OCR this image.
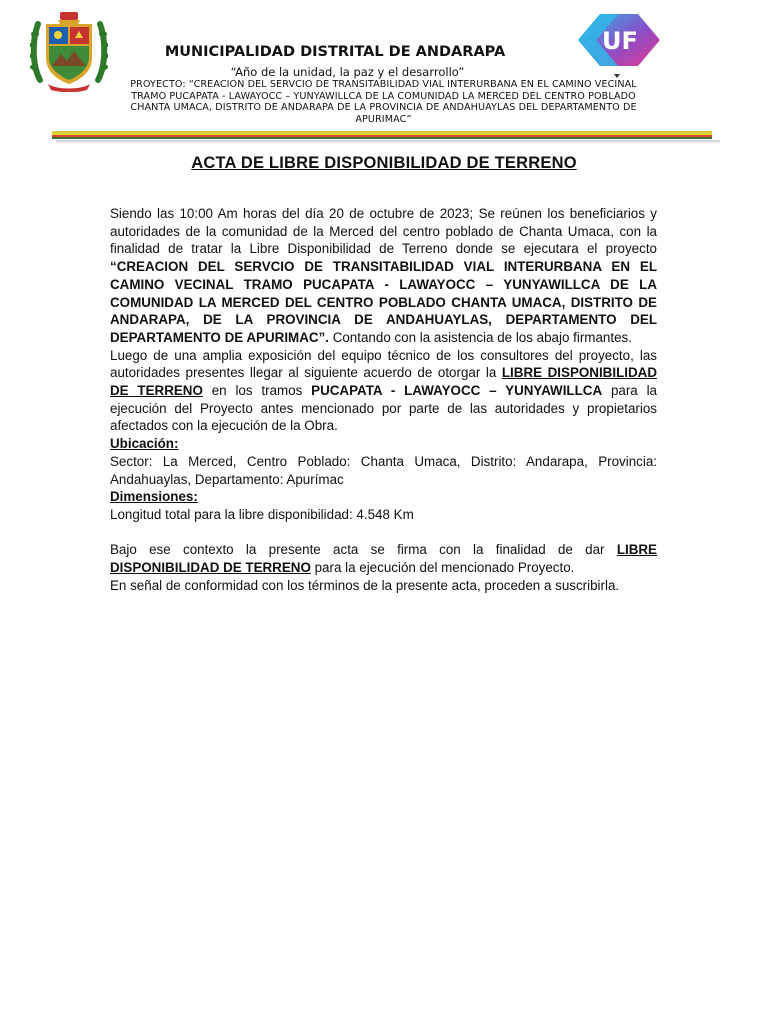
MUNICIPALIDAD DISTRITAL DE ANDARAPA
“Año de la unidad, la paz y el desarrollo”
PROYECTO: “CREACION DEL SERVCIO DE TRANSITABILIDAD VIAL INTERURBANA EN EL CAMINO VECINAL TRAMO PUCAPATA - LAWAYOCC – YUNYAWILLCA DE LA COMUNIDAD LA MERCED DEL CENTRO POBLADO CHANTA UMACA, DISTRITO DE ANDARAPA DE LA PROVINCIA DE ANDAHUAYLAS DEL DEPARTAMENTO DE APURIMAC”
UF
ACTA DE LIBRE DISPONIBILIDAD DE TERRENO

Siendo las 10:00 Am horas del día 20 de octubre de 2023; Se reúnen los beneficiarios y autoridades de la comunidad de la Merced del centro poblado de Chanta Umaca, con la finalidad de tratar la Libre Disponibilidad de Terreno donde se ejecutara el proyecto “CREACION DEL SERVCIO DE TRANSITABILIDAD VIAL INTERURBANA EN EL CAMINO VECINAL TRAMO PUCAPATA - LAWAYOCC – YUNYAWILLCA DE LA COMUNIDAD LA MERCED DEL CENTRO POBLADO CHANTA UMACA, DISTRITO DE ANDARAPA, DE LA PROVINCIA DE ANDAHUAYLAS, DEPARTAMENTO DEL DEPARTAMENTO DE APURIMAC”. Contando con la asistencia de los abajo firmantes.

Luego de una amplia exposición del equipo técnico de los consultores del proyecto, las autoridades presentes llegar al siguiente acuerdo de otorgar la LIBRE DISPONIBILIDAD DE TERRENO en los tramos PUCAPATA - LAWAYOCC – YUNYAWILLCA para la ejecución del Proyecto antes mencionado por parte de las autoridades y propietarios afectados con la ejecución de la Obra.

Ubicación:

Sector: La Merced, Centro Poblado: Chanta Umaca, Distrito: Andarapa, Provincia: Andahuaylas, Departamento: Apurímac

Dimensiones:

Longitud total para la libre disponibilidad: 4.548 Km

Bajo ese contexto la presente acta se firma con la finalidad de dar LIBRE DISPONIBILIDAD DE TERRENO para la ejecución del mencionado Proyecto.

En señal de conformidad con los términos de la presente acta, proceden a suscribirla.
